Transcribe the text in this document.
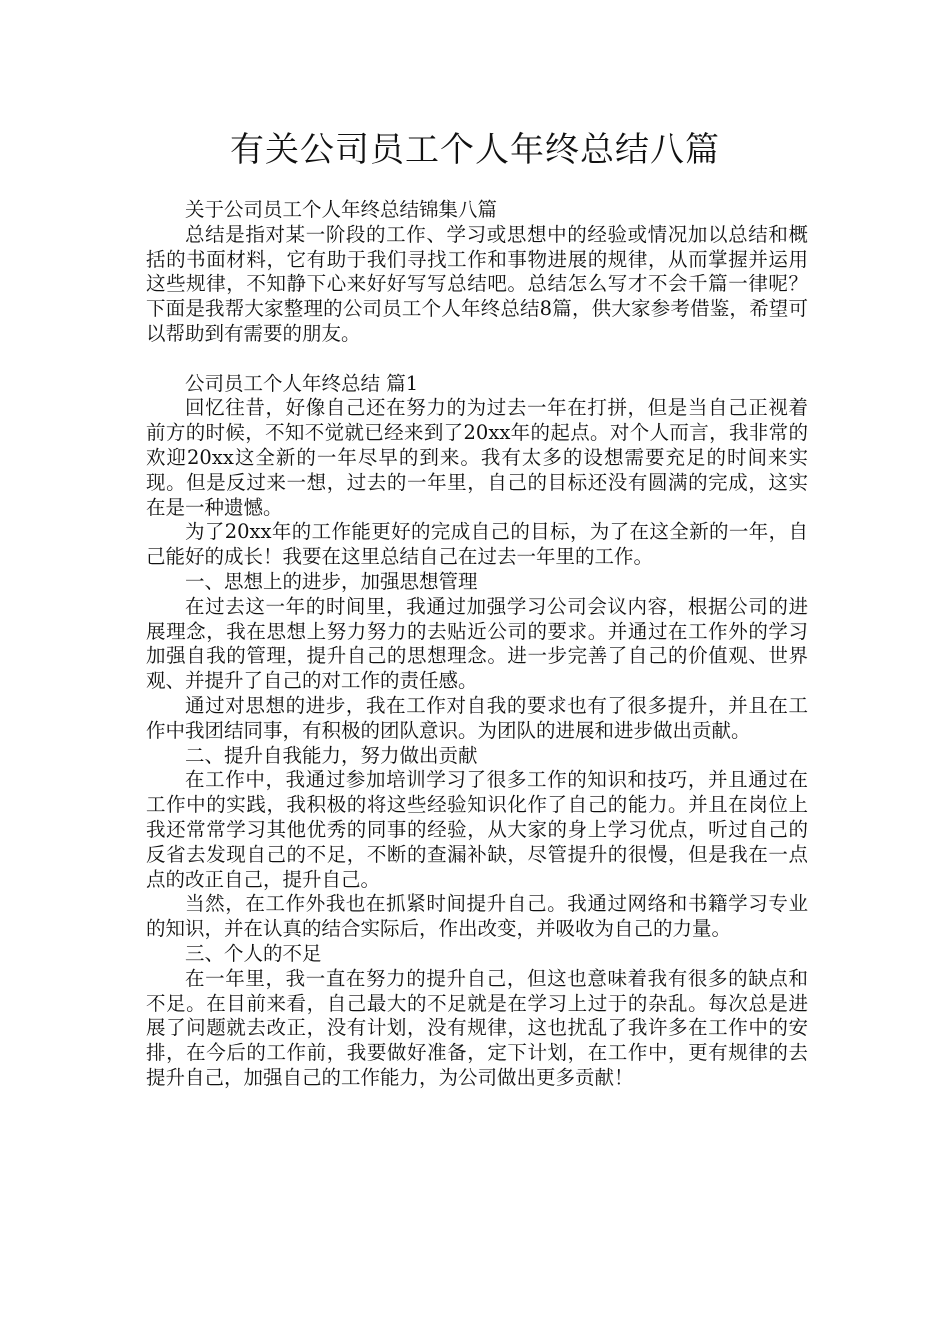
有关公司员工个人年终总结八篇

关于公司员工个人年终总结锦集八篇

总结是指对某一阶段的工作、学习或思想中的经验或情况加以总结和概括的书面材料，它有助于我们寻找工作和事物进展的规律，从而掌握并运用这些规律，不知静下心来好好写写总结吧。总结怎么写才不会千篇一律呢？下面是我帮大家整理的公司员工个人年终总结8篇，供大家参考借鉴，希望可以帮助到有需要的朋友。

公司员工个人年终总结 篇1

回忆往昔，好像自己还在努力的为过去一年在打拼，但是当自己正视着前方的时候，不知不觉就已经来到了20xx年的起点。对个人而言，我非常的欢迎20xx这全新的一年尽早的到来。我有太多的设想需要充足的时间来实现。但是反过来一想，过去的一年里，自己的目标还没有圆满的完成，这实在是一种遗憾。

为了20xx年的工作能更好的完成自己的目标，为了在这全新的一年，自己能好的成长！我要在这里总结自己在过去一年里的工作。

一、思想上的进步，加强思想管理

在过去这一年的时间里，我通过加强学习公司会议内容，根据公司的进展理念，我在思想上努力努力的去贴近公司的要求。并通过在工作外的学习加强自我的管理，提升自己的思想理念。进一步完善了自己的价值观、世界观、并提升了自己的对工作的责任感。

通过对思想的进步，我在工作对自我的要求也有了很多提升，并且在工作中我团结同事，有积极的团队意识。为团队的进展和进步做出贡献。

二、提升自我能力，努力做出贡献

在工作中，我通过参加培训学习了很多工作的知识和技巧，并且通过在工作中的实践，我积极的将这些经验知识化作了自己的能力。并且在岗位上我还常常学习其他优秀的同事的经验，从大家的身上学习优点，听过自己的反省去发现自己的不足，不断的查漏补缺，尽管提升的很慢，但是我在一点点的改正自己，提升自己。

当然，在工作外我也在抓紧时间提升自己。我通过网络和书籍学习专业的知识，并在认真的结合实际后，作出改变，并吸收为自己的力量。

三、个人的不足

在一年里，我一直在努力的提升自己，但这也意味着我有很多的缺点和不足。在目前来看，自己最大的不足就是在学习上过于的杂乱。每次总是进展了问题就去改正，没有计划，没有规律，这也扰乱了我许多在工作中的安排，在今后的工作前，我要做好准备，定下计划，在工作中，更有规律的去提升自己，加强自己的工作能力，为公司做出更多贡献！
